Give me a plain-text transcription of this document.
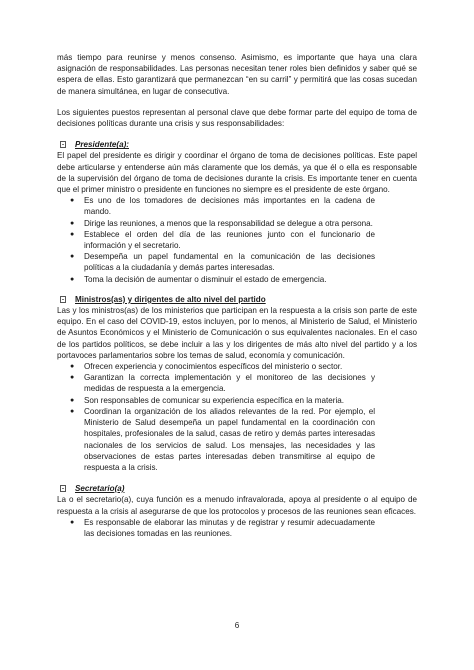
más tiempo para reunirse y menos consenso. Asimismo, es importante que haya una clara asignación de responsabilidades. Las personas necesitan tener roles bien definidos y saber qué se espera de ellas. Esto garantizará que permanezcan “en su carril” y permitirá que las cosas sucedan de manera simultánea, en lugar de consecutiva.

Los siguientes puestos representan al personal clave que debe formar parte del equipo de toma de decisiones políticas durante una crisis y sus responsabilidades:

Presidente(a):

El papel del presidente es dirigir y coordinar el órgano de toma de decisiones políticas. Este papel debe articularse y entenderse aún más claramente que los demás, ya que él o ella es responsable de la supervisión del órgano de toma de decisiones durante la crisis. Es importante tener en cuenta que el primer ministro o presidente en funciones no siempre es el presidente de este órgano.

● Es uno de los tomadores de decisiones más importantes en la cadena de mando.
● Dirige las reuniones, a menos que la responsabilidad se delegue a otra persona.
● Establece el orden del día de las reuniones junto con el funcionario de información y el secretario.
● Desempeña un papel fundamental en la comunicación de las decisiones políticas a la ciudadanía y demás partes interesadas.
● Toma la decisión de aumentar o disminuir el estado de emergencia.
Ministros(as) y dirigentes de alto nivel del partido

Las y los ministros(as) de los ministerios que participan en la respuesta a la crisis son parte de este equipo. En el caso del COVID-19, estos incluyen, por lo menos, al Ministerio de Salud, el Ministerio de Asuntos Económicos y el Ministerio de Comunicación o sus equivalentes nacionales. En el caso de los partidos políticos, se debe incluir a las y los dirigentes de más alto nivel del partido y a los portavoces parlamentarios sobre los temas de salud, economía y comunicación.

● Ofrecen experiencia y conocimientos específicos del ministerio o sector.
● Garantizan la correcta implementación y el monitoreo de las decisiones y medidas de respuesta a la emergencia.
● Son responsables de comunicar su experiencia específica en la materia.
● Coordinan la organización de los aliados relevantes de la red. Por ejemplo, el Ministerio de Salud desempeña un papel fundamental en la coordinación con hospitales, profesionales de la salud, casas de retiro y demás partes interesadas nacionales de los servicios de salud. Los mensajes, las necesidades y las observaciones de estas partes interesadas deben transmitirse al equipo de respuesta a la crisis.
Secretario(a)

La o el secretario(a), cuya función es a menudo infravalorada, apoya al presidente o al equipo de respuesta a la crisis al asegurarse de que los protocolos y procesos de las reuniones sean eficaces.

● Es responsable de elaborar las minutas y de registrar y resumir adecuadamente las decisiones tomadas en las reuniones.
6
